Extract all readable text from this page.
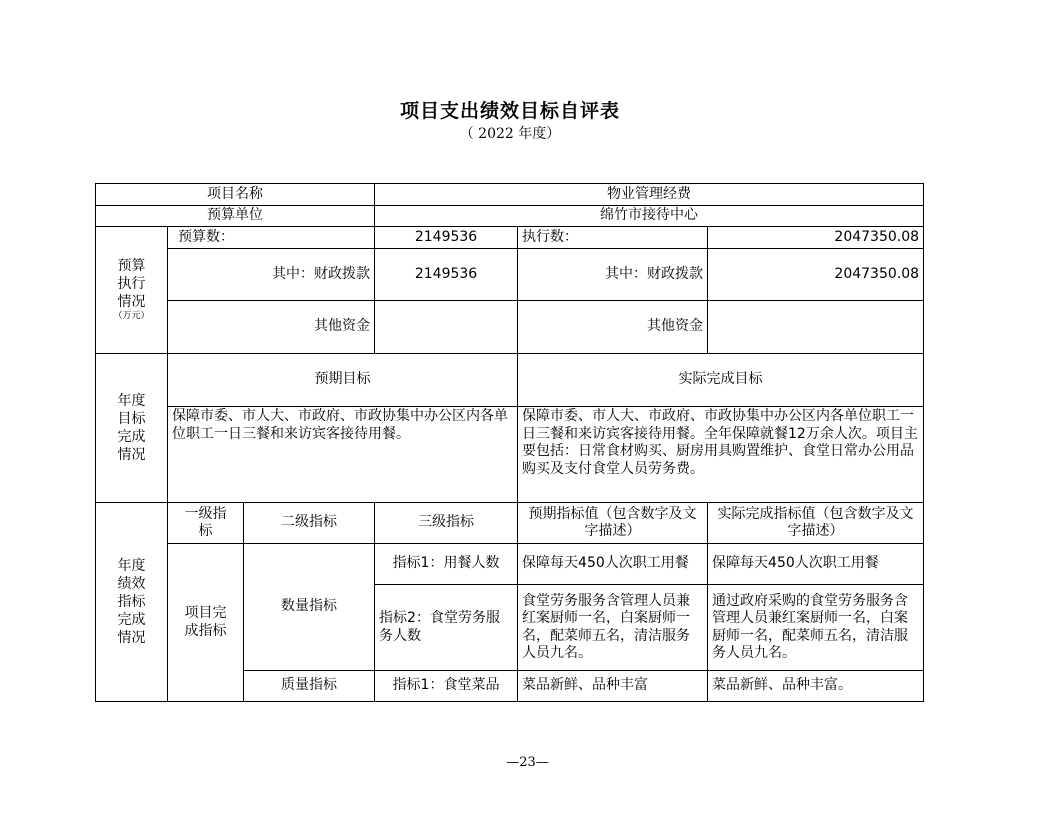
项目支出绩效目标自评表
（ 2022 年度）
项目名称			物业管理经费		
预算单位			绵竹市接待中心		

预算
执行
情况
（万元）	预算数：		2149536	执行数：	2047350.08
	其中：财政拨款		2149536	其中：财政拨款	2047350.08
	其他资金			其他资金	

年度
目标
完成
情况	预期目标			实际完成目标	
	保障市委、市人大、市政府、市政协集中办公区内各单位职工一日三餐和来访宾客接待用餐。			保障市委、市人大、市政府、市政协集中办公区内各单位职工一日三餐和来访宾客接待用餐。全年保障就餐12万余人次。项目主要包括：日常食材购买、厨房用具购置维护、食堂日常办公用品购买及支付食堂人员劳务费。	

年度
绩效
指标
完成
情况	一级指标	二级指标	三级指标	预期指标值（包含数字及文字描述）	实际完成指标值（包含数字及文字描述）
	项目完成指标	数量指标	指标1：用餐人数	保障每天450人次职工用餐	保障每天450人次职工用餐
			指标2：食堂劳务服务人数	食堂劳务服务含管理人员兼红案厨师一名，白案厨师一名，配菜师五名，清洁服务人员九名。	通过政府采购的食堂劳务服务含管理人员兼红案厨师一名，白案厨师一名，配菜师五名，清洁服务人员九名。
		质量指标	指标1：食堂菜品	菜品新鲜、品种丰富	菜品新鲜、品种丰富。
—23—
